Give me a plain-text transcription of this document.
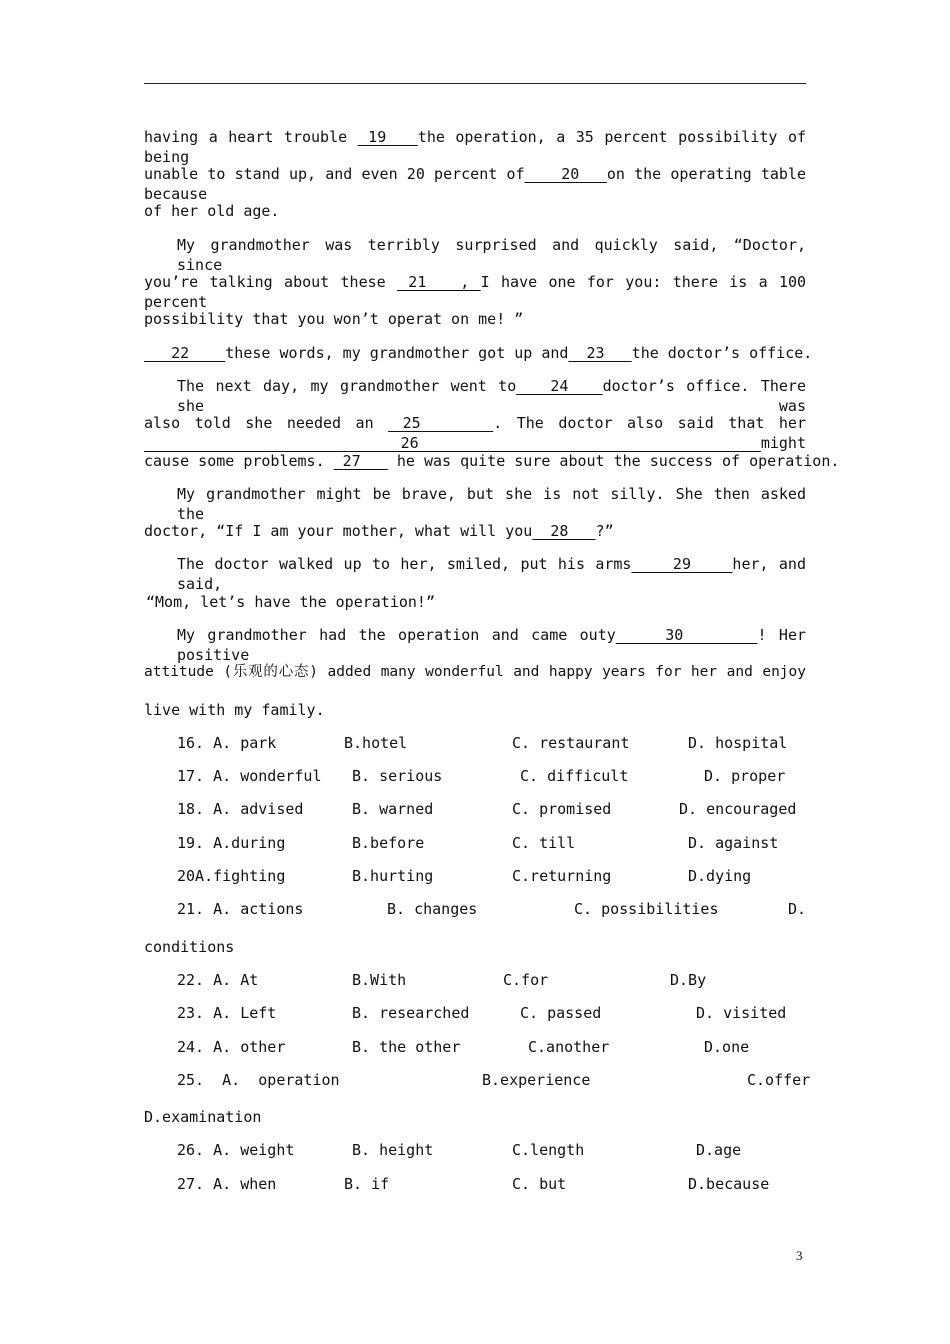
having a heart trouble  19   the operation, a 35 percent possibility of being
unable to stand up, and even 20 percent of    20   on the operating table because
of her old age.
My grandmother was terribly surprised and quickly said, “Doctor, since
you’re talking about these  21   , I have one for you: there is a 100 percent
possibility that you won’t operat on me! ”
22    these words, my grandmother got up and  23   the doctor’s office.
The next day, my grandmother went to   24   doctor’s office. There she was
also told she needed an  25     . The doctor also said that her   26    might
cause some problems.  27    he was quite sure about the success of operation.
My grandmother might be brave, but she is not silly. She then asked the
doctor, “If I am your mother, what will you  28   ?”
The doctor walked up to her, smiled, put his arms    29    her, and said,
“Mom, let’s have the operation!”
My grandmother had the operation and came outy    30      ! Her positive
attitude (乐观的心态) added many wonderful and happy years for her and enjoy
live with my family.
16. A. park	B.hotel	C. restaurant	D. hospital
17. A. wonderful B. serious	C. difficult	D. proper
18. A. advised	B. warned	C. promised	D. encouraged
19. A.during	B.before	C. till	D. against
20A.fighting	B.hurting	C.returning	D.dying
21. A. actions	B. changes	C. possibilities	D.
conditions
22. A. At	B.With	C.for	D.By
23. A. Left	B. researched	C. passed	D. visited
24. A. other	B. the other	C.another	D.one
25.  A.  operation	B.experience	C.offer
D.examination
26. A. weight	B. height	C.length	D.age
27. A. when	B. if	C. but	D.because
3
